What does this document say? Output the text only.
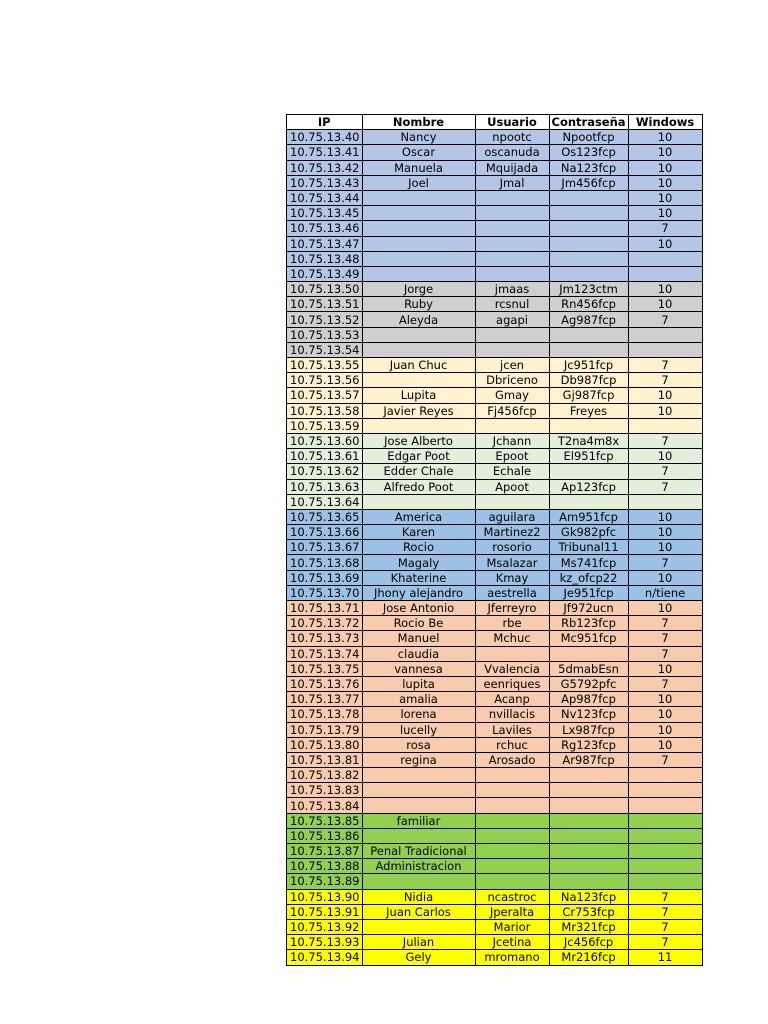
IP	Nombre	Usuario	Contraseña	Windows
10.75.13.40	Nancy	npootc	Npootfcp	10
10.75.13.41	Oscar	oscanuda	Os123fcp	10
10.75.13.42	Manuela	Mquijada	Na123fcp	10
10.75.13.43	Joel	Jmal	Jm456fcp	10
10.75.13.44				10
10.75.13.45				10
10.75.13.46				7
10.75.13.47				10
10.75.13.48				
10.75.13.49				
10.75.13.50	Jorge	jmaas	Jm123ctm	10
10.75.13.51	Ruby	rcsnul	Rn456fcp	10
10.75.13.52	Aleyda	agapi	Ag987fcp	7
10.75.13.53				
10.75.13.54				
10.75.13.55	Juan Chuc	jcen	Jc951fcp	7
10.75.13.56		Dbriceno	Db987fcp	7
10.75.13.57	Lupita	Gmay	Gj987fcp	10
10.75.13.58	Javier Reyes	Fj456fcp	Freyes	10
10.75.13.59				
10.75.13.60	Jose Alberto	Jchann	T2na4m8x	7
10.75.13.61	Edgar Poot	Epoot	El951fcp	10
10.75.13.62	Edder Chale	Echale		7
10.75.13.63	Alfredo Poot	Apoot	Ap123fcp	7
10.75.13.64				
10.75.13.65	America	aguilara	Am951fcp	10
10.75.13.66	Karen	Martinez2	Gk982pfc	10
10.75.13.67	Rocio	rosorio	Tribunal11	10
10.75.13.68	Magaly	Msalazar	Ms741fcp	7
10.75.13.69	Khaterine	Kmay	kz_ofcp22	10
10.75.13.70	Jhony alejandro	aestrella	Je951fcp	n/tiene
10.75.13.71	Jose Antonio	Jferreyro	Jf972ucn	10
10.75.13.72	Rocio Be	rbe	Rb123fcp	7
10.75.13.73	Manuel	Mchuc	Mc951fcp	7
10.75.13.74	claudia			7
10.75.13.75	vannesa	Vvalencia	5dmabEsn	10
10.75.13.76	lupita	eenriques	G5792pfc	7
10.75.13.77	amalia	Acanp	Ap987fcp	10
10.75.13.78	lorena	nvillacis	Nv123fcp	10
10.75.13.79	lucelly	Laviles	Lx987fcp	10
10.75.13.80	rosa	rchuc	Rg123fcp	10
10.75.13.81	regina	Arosado	Ar987fcp	7
10.75.13.82				
10.75.13.83				
10.75.13.84				
10.75.13.85	familiar			
10.75.13.86				
10.75.13.87	Penal Tradicional			
10.75.13.88	Administracion			
10.75.13.89				
10.75.13.90	Nidia	ncastroc	Na123fcp	7
10.75.13.91	Juan Carlos	Jperalta	Cr753fcp	7
10.75.13.92		Marior	Mr321fcp	7
10.75.13.93	Julian	Jcetina	Jc456fcp	7
10.75.13.94	Gely	mromano	Mr216fcp	11
